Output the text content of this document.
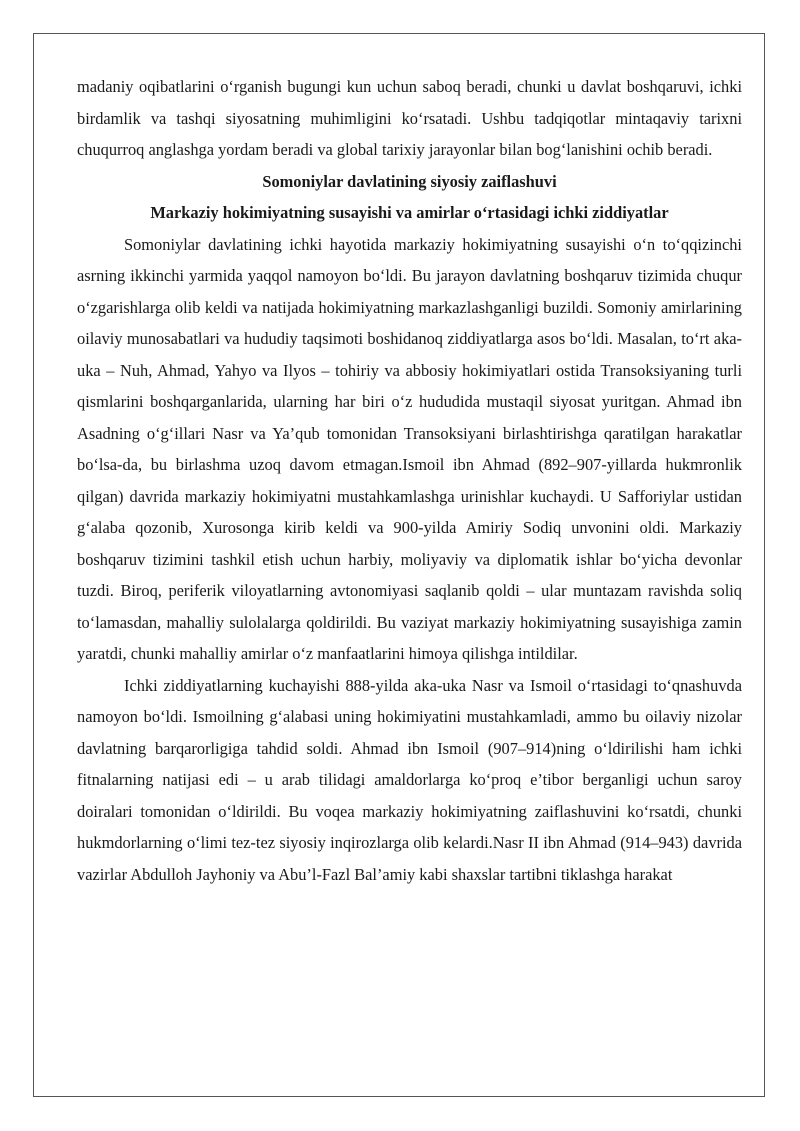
madaniy oqibatlarini o‘rganish bugungi kun uchun saboq beradi, chunki u davlat boshqaruvi, ichki birdamlik va tashqi siyosatning muhimligini ko‘rsatadi. Ushbu tadqiqotlar mintaqaviy tarixni chuqurroq anglashga yordam beradi va global tarixiy jarayonlar bilan bog‘lanishini ochib beradi.

Somoniylar davlatining siyosiy zaiflashuvi

Markaziy hokimiyatning susayishi va amirlar o‘rtasidagi ichki ziddiyatlar

Somoniylar davlatining ichki hayotida markaziy hokimiyatning susayishi o‘n to‘qqizinchi asrning ikkinchi yarmida yaqqol namoyon bo‘ldi. Bu jarayon davlatning boshqaruv tizimida chuqur o‘zgarishlarga olib keldi va natijada hokimiyatning markazlashganligi buzildi. Somoniy amirlarining oilaviy munosabatlari va hududiy taqsimoti boshidanoq ziddiyatlarga asos bo‘ldi. Masalan, to‘rt aka-uka – Nuh, Ahmad, Yahyo va Ilyos – tohiriy va abbosiy hokimiyatlari ostida Transoksiyaning turli qismlarini boshqarganlarida, ularning har biri o‘z hududida mustaqil siyosat yuritgan. Ahmad ibn Asadning o‘g‘illari Nasr va Ya’qub tomonidan Transoksiyani birlashtirishga qaratilgan harakatlar bo‘lsa-da, bu birlashma uzoq davom etmagan.Ismoil ibn Ahmad (892–907-yillarda hukmronlik qilgan) davrida markaziy hokimiyatni mustahkamlashga urinishlar kuchaydi. U Safforiylar ustidan g‘alaba qozonib, Xurosonga kirib keldi va 900-yilda Amiriy Sodiq unvonini oldi. Markaziy boshqaruv tizimini tashkil etish uchun harbiy, moliyaviy va diplomatik ishlar bo‘yicha devonlar tuzdi. Biroq, periferik viloyatlarning avtonomiyasi saqlanib qoldi – ular muntazam ravishda soliq to‘lamasdan, mahalliy sulolalarga qoldirildi. Bu vaziyat markaziy hokimiyatning susayishiga zamin yaratdi, chunki mahalliy amirlar o‘z manfaatlarini himoya qilishga intildilar.

Ichki ziddiyatlarning kuchayishi 888-yilda aka-uka Nasr va Ismoil o‘rtasidagi to‘qnashuvda namoyon bo‘ldi. Ismoilning g‘alabasi uning hokimiyatini mustahkamladi, ammo bu oilaviy nizolar davlatning barqarorligiga tahdid soldi. Ahmad ibn Ismoil (907–914)ning o‘ldirilishi ham ichki fitnalarning natijasi edi – u arab tilidagi amaldorlarga ko‘proq e’tibor berganligi uchun saroy doiralari tomonidan o‘ldirildi. Bu voqea markaziy hokimiyatning zaiflashuvini ko‘rsatdi, chunki hukmdorlarning o‘limi tez-tez siyosiy inqirozlarga olib kelardi.Nasr II ibn Ahmad (914–943) davrida vazirlar Abdulloh Jayhoniy va Abu’l-Fazl Bal’amiy kabi shaxslar tartibni tiklashga harakat
